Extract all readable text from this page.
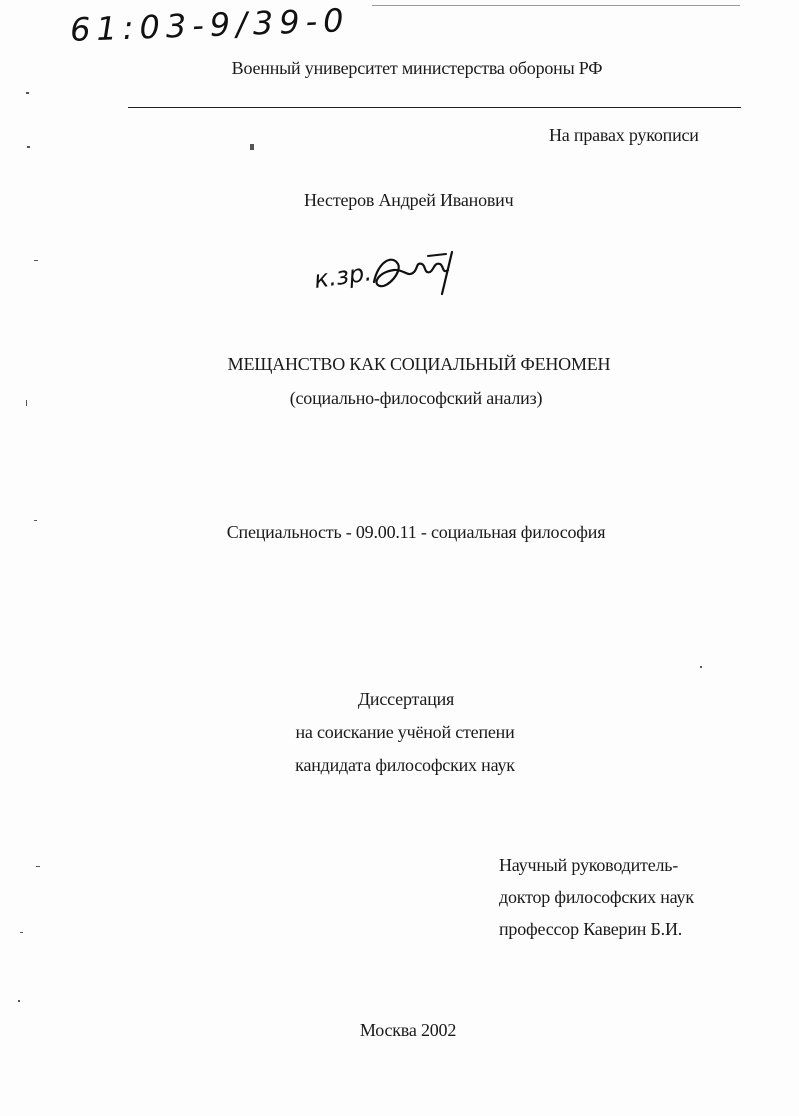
61:03-9/39-0
Военный университет министерства обороны РФ
На правах рукописи
Нестеров Андрей Иванович
к.зр.
МЕЩАНСТВО КАК СОЦИАЛЬНЫЙ ФЕНОМЕН
(социально-философский анализ)
Специальность - 09.00.11 - социальная философия
Диссертация
на соискание учёной степени
кандидата философских наук
Научный руководитель-
доктор философских наук
профессор Каверин Б.И.
Москва 2002
